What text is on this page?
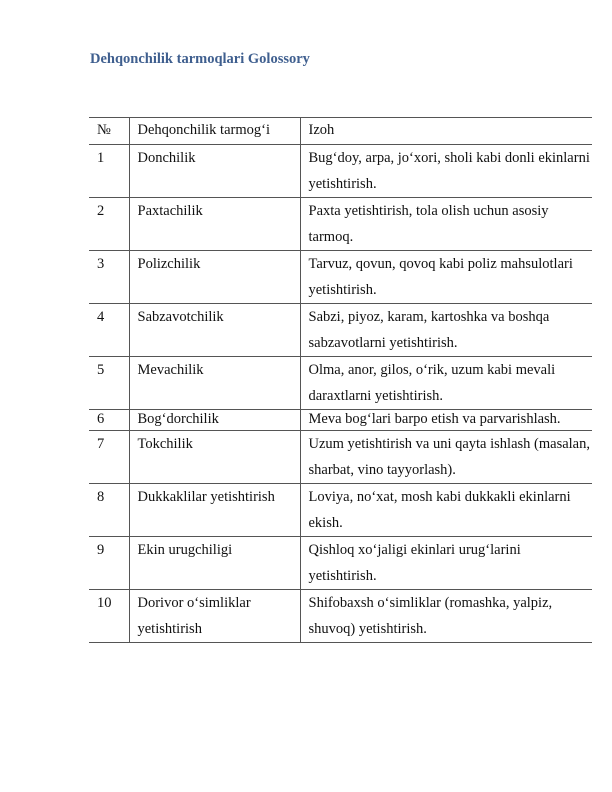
Dehqonchilik tarmoqlari Golossory
№	Dehqonchilik tarmog‘i	Izoh
1	Donchilik	Bug‘doy, arpa, jo‘xori, sholi kabi donli ekinlarni yetishtirish.
2	Paxtachilik	Paxta yetishtirish, tola olish uchun asosiy tarmoq.
3	Polizchilik	Tarvuz, qovun, qovoq kabi poliz mahsulotlari yetishtirish.
4	Sabzavotchilik	Sabzi, piyoz, karam, kartoshka va boshqa sabzavotlarni yetishtirish.
5	Mevachilik	Olma, anor, gilos, o‘rik, uzum kabi mevali daraxtlarni yetishtirish.
6	Bog‘dorchilik	Meva bog‘lari barpo etish va parvarishlash.
7	Tokchilik	Uzum yetishtirish va uni qayta ishlash (masalan, sharbat, vino tayyorlash).
8	Dukkaklilar yetishtirish	Loviya, no‘xat, mosh kabi dukkakli ekinlarni ekish.
9	Ekin urugchiligi	Qishloq xo‘jaligi ekinlari urug‘larini yetishtirish.
10	Dorivor o‘simliklar yetishtirish	Shifobaxsh o‘simliklar (romashka, yalpiz, shuvoq) yetishtirish.
